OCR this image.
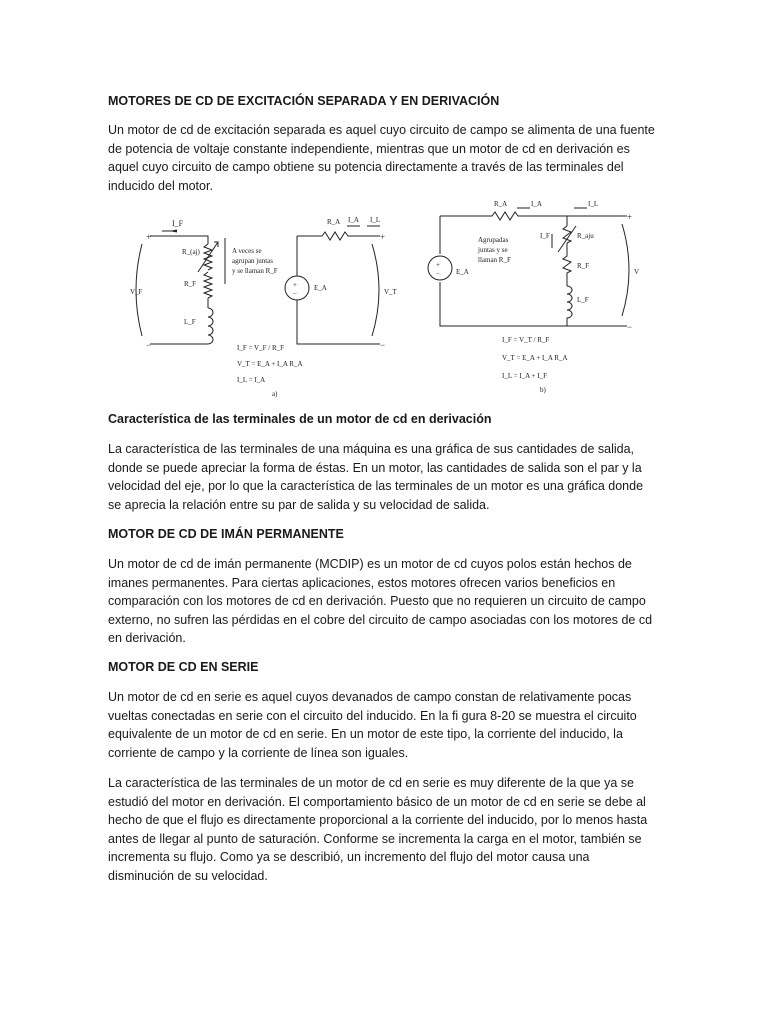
MOTORES DE CD DE EXCITACIÓN SEPARADA Y EN DERIVACIÓN

Un motor de cd de excitación separada es aquel cuyo circuito de campo se alimenta de una fuente de potencia de voltaje constante independiente, mientras que un motor de cd en derivación es aquel cuyo circuito de campo obtiene su potencia directamente a través de las terminales del inducido del motor.

+
−
I_F
R_(aj)
R_F
L_F
V_F
A veces se
agrupan juntas
y se llaman R_F
+
−
E_A
R_A I_A I_L
+
−
V_T
I_F = V_F / R_F
V_T = E_A + I_A R_A
I_L = I_A
a)
+
− E_A
R_A	I_A	I_L
I_F
Agrupadas
juntas y se
llaman R_F
R_aju
R_F
L_F
+
−
V
I_F = V_T / R_F
V_T = E_A + I_A R_A
I_L = I_A + I_F
b)
Característica de las terminales de un motor de cd en derivación

La característica de las terminales de una máquina es una gráfica de sus cantidades de salida, donde se puede apreciar la forma de éstas. En un motor, las cantidades de salida son el par y la velocidad del eje, por lo que la característica de las terminales de un motor es una gráfica donde se aprecia la relación entre su par de salida y su velocidad de salida.

MOTOR DE CD DE IMÁN PERMANENTE

Un motor de cd de imán permanente (MCDIP) es un motor de cd cuyos polos están hechos de imanes permanentes. Para ciertas aplicaciones, estos motores ofrecen varios beneficios en comparación con los motores de cd en derivación. Puesto que no requieren un circuito de campo externo, no sufren las pérdidas en el cobre del circuito de campo asociadas con los motores de cd en derivación.

MOTOR DE CD EN SERIE

Un motor de cd en serie es aquel cuyos devanados de campo constan de relativamente pocas vueltas conectadas en serie con el circuito del inducido. En la fi gura 8-20 se muestra el circuito equivalente de un motor de cd en serie. En un motor de este tipo, la corriente del inducido, la corriente de campo y la corriente de línea son iguales.

La característica de las terminales de un motor de cd en serie es muy diferente de la que ya se estudió del motor en derivación. El comportamiento básico de un motor de cd en serie se debe al hecho de que el flujo es directamente proporcional a la corriente del inducido, por lo menos hasta antes de llegar al punto de saturación. Conforme se incrementa la carga en el motor, también se incrementa su flujo. Como ya se describió, un incremento del flujo del motor causa una disminución de su velocidad.
